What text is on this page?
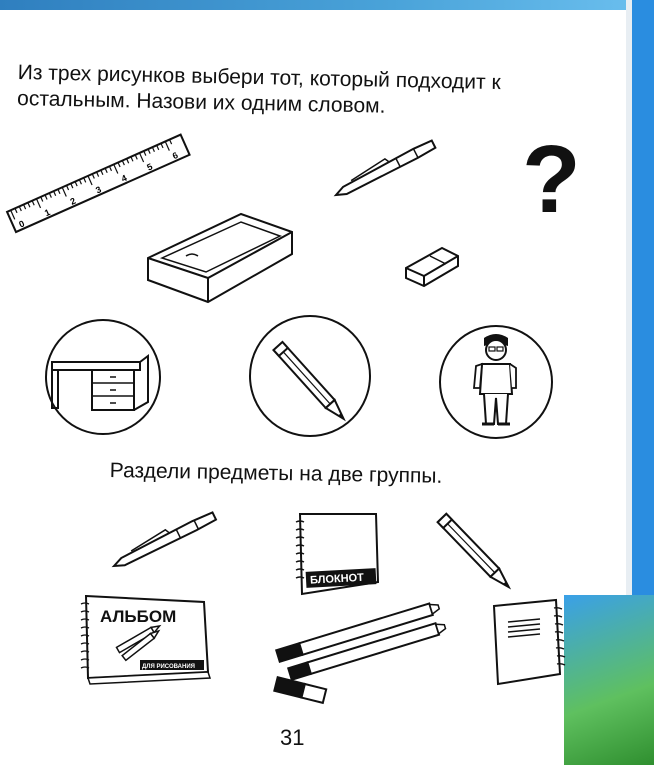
Из трех рисунков выбери тот, который подходит к остальным. Назови их одним словом.
0
1
2
3
4
5
6	?
Раздели предметы на две группы.
БЛОКНОТ
АЛЬБОМ
ДЛЯ РИСОВАНИЯ
31
